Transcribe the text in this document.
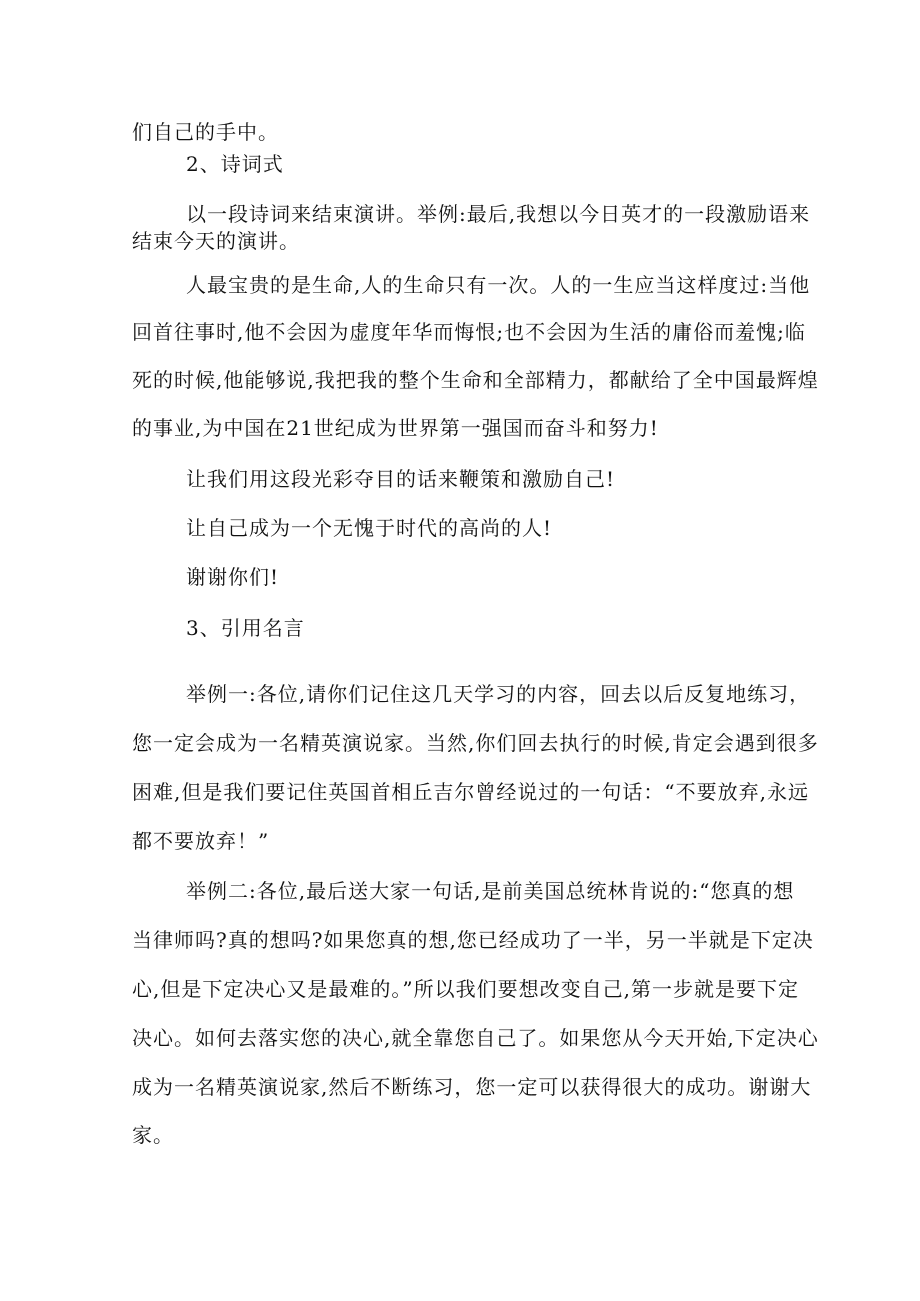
们自己的手中。
2、诗词式
以一段诗词来结束演讲。举例:最后,我想以今日英才的一段激励语来
结束今天的演讲。
人最宝贵的是生命,人的生命只有一次。人的一生应当这样度过:当他
回首往事时,他不会因为虚度年华而悔恨;也不会因为生活的庸俗而羞愧;临
死的时候,他能够说,我把我的整个生命和全部精力，都献给了全中国最辉煌
的事业,为中国在21世纪成为世界第一强国而奋斗和努力!
让我们用这段光彩夺目的话来鞭策和激励自己!
让自己成为一个无愧于时代的高尚的人!
谢谢你们!
3、引用名言
举例一:各位,请你们记住这几天学习的内容，回去以后反复地练习，
您一定会成为一名精英演说家。当然,你们回去执行的时候,肯定会遇到很多
困难,但是我们要记住英国首相丘吉尔曾经说过的一句话：“不要放弃,永远
都不要放弃！”
举例二:各位,最后送大家一句话,是前美国总统林肯说的:“您真的想
当律师吗?真的想吗?如果您真的想,您已经成功了一半，另一半就是下定决
心,但是下定决心又是最难的。”所以我们要想改变自己,第一步就是要下定
决心。如何去落实您的决心,就全靠您自己了。如果您从今天开始,下定决心
成为一名精英演说家,然后不断练习，您一定可以获得很大的成功。谢谢大
家。
